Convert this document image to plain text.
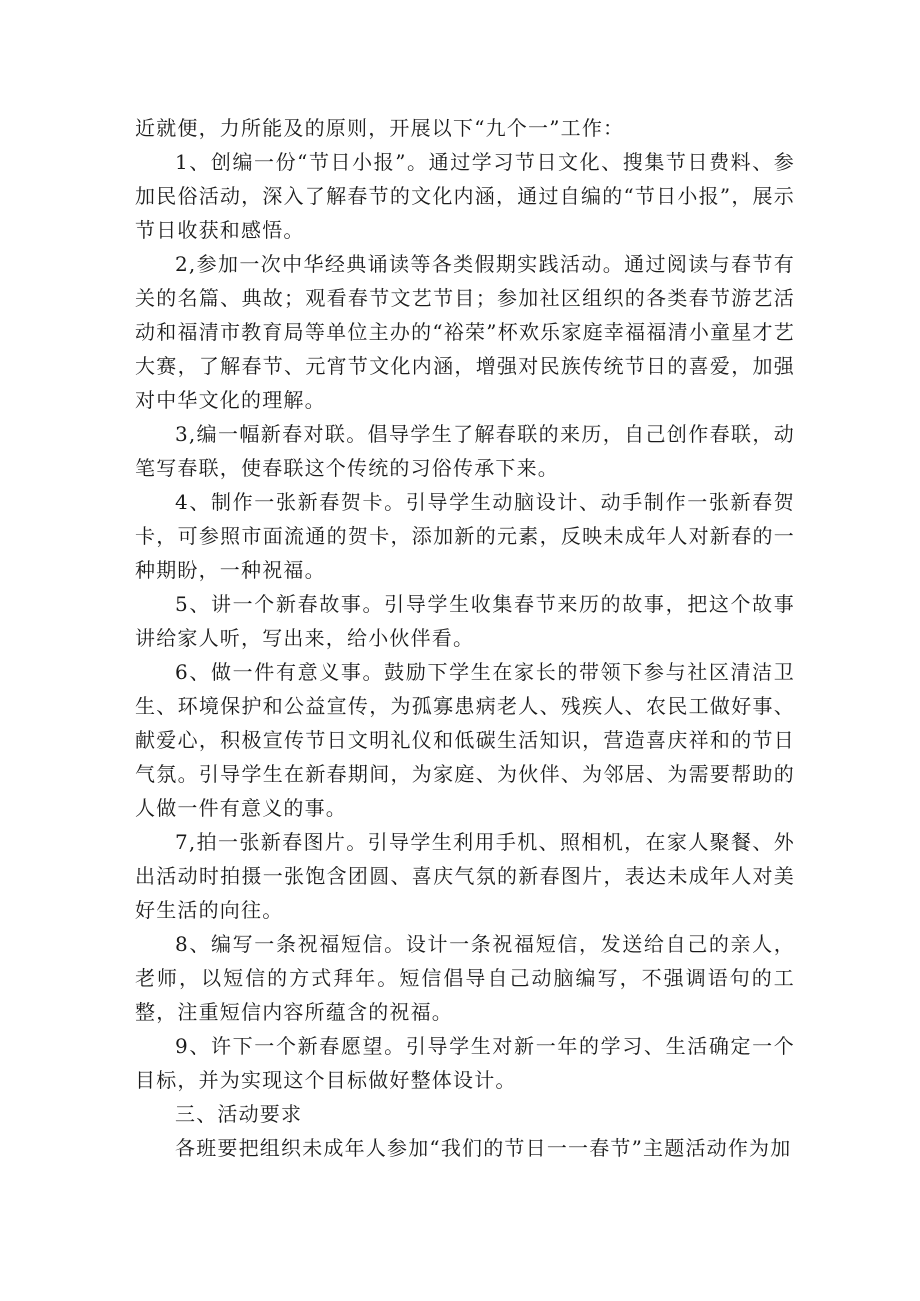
近就便，力所能及的原则，开展以下“九个一”工作：

1、创编一份“节日小报”。通过学习节日文化、搜集节日费料、参加民俗活动，深入了解春节的文化内涵，通过自编的“节日小报”，展示节日收获和感悟。

2,参加一次中华经典诵读等各类假期实践活动。通过阅读与春节有关的名篇、典故；观看春节文艺节目；参加社区组织的各类春节游艺活动和福清市教育局等单位主办的“裕荣”杯欢乐家庭幸福福清小童星才艺大赛，了解春节、元宵节文化内涵，增强对民族传统节日的喜爱，加强对中华文化的理解。

3,编一幅新春对联。倡导学生了解春联的来历，自己创作春联，动笔写春联，使春联这个传统的习俗传承下来。

4、制作一张新春贺卡。引导学生动脑设计、动手制作一张新春贺卡，可参照市面流通的贺卡，添加新的元素，反映未成年人对新春的一种期盼，一种祝福。

5、讲一个新春故事。引导学生收集春节来历的故事，把这个故事讲给家人听，写出来，给小伙伴看。

6、做一件有意义事。鼓励下学生在家长的带领下参与社区清洁卫生、环境保护和公益宣传，为孤寡患病老人、残疾人、农民工做好事、献爱心，积极宣传节日文明礼仪和低碳生活知识，营造喜庆祥和的节日气氛。引导学生在新春期间，为家庭、为伙伴、为邻居、为需要帮助的人做一件有意义的事。

7,拍一张新春图片。引导学生利用手机、照相机，在家人聚餐、外出活动时拍摄一张饱含团圆、喜庆气氛的新春图片，表达未成年人对美好生活的向往。

8、编写一条祝福短信。设计一条祝福短信，发送给自己的亲人，老师，以短信的方式拜年。短信倡导自己动脑编写，不强调语句的工整，注重短信内容所蕴含的祝福。

9、许下一个新春愿望。引导学生对新一年的学习、生活确定一个目标，并为实现这个目标做好整体设计。

三、活动要求

各班要把组织未成年人参加“我们的节日一一春节”主题活动作为加
